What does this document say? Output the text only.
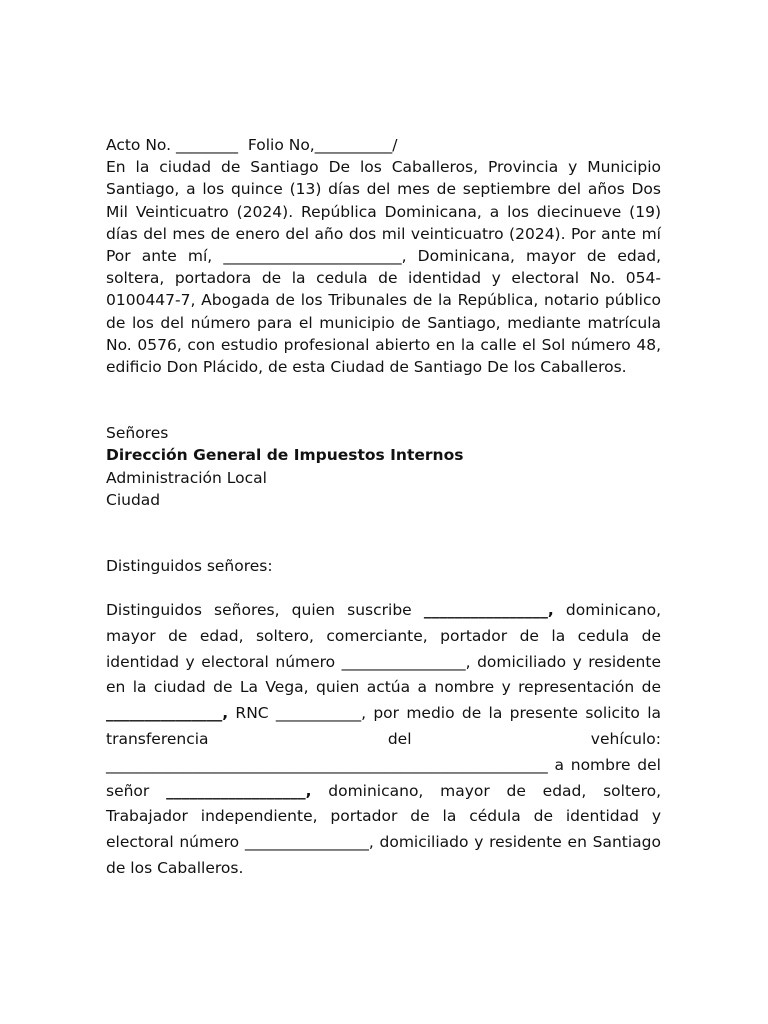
Acto No. ________  Folio No,__________/

En la ciudad de Santiago De los Caballeros, Provincia y Municipio Santiago, a los quince (13) días del mes de septiembre del años Dos Mil Veinticuatro (2024). República Dominicana, a los diecinueve (19) días del mes de enero del año dos mil veinticuatro (2024). Por ante mí Por ante mí, _______________________, Dominicana, mayor de edad, soltera, portadora de la cedula de identidad y electoral No. 054-0100447-7, Abogada de los Tribunales de la República, notario público de los del número para el municipio de Santiago, mediante matrícula No. 0576, con estudio profesional abierto en la calle el Sol número 48, edificio Don Plácido, de esta Ciudad de Santiago De los Caballeros.

Señores
Dirección General de Impuestos Internos
Administración Local
Ciudad
Distinguidos señores:

Distinguidos señores, quien suscribe ________________, dominicano, mayor de edad, soltero, comerciante, portador de la cedula de identidad y electoral número ________________, domiciliado y residente en la ciudad de La Vega, quien actúa a nombre y representación de _______________, RNC ___________, por medio de la presente solicito la transferencia del vehículo: _________________________________________________________ a nombre del señor __________________, dominicano, mayor de edad, soltero, Trabajador independiente, portador de la cédula de identidad y electoral número ________________, domiciliado y residente en Santiago de los Caballeros.
